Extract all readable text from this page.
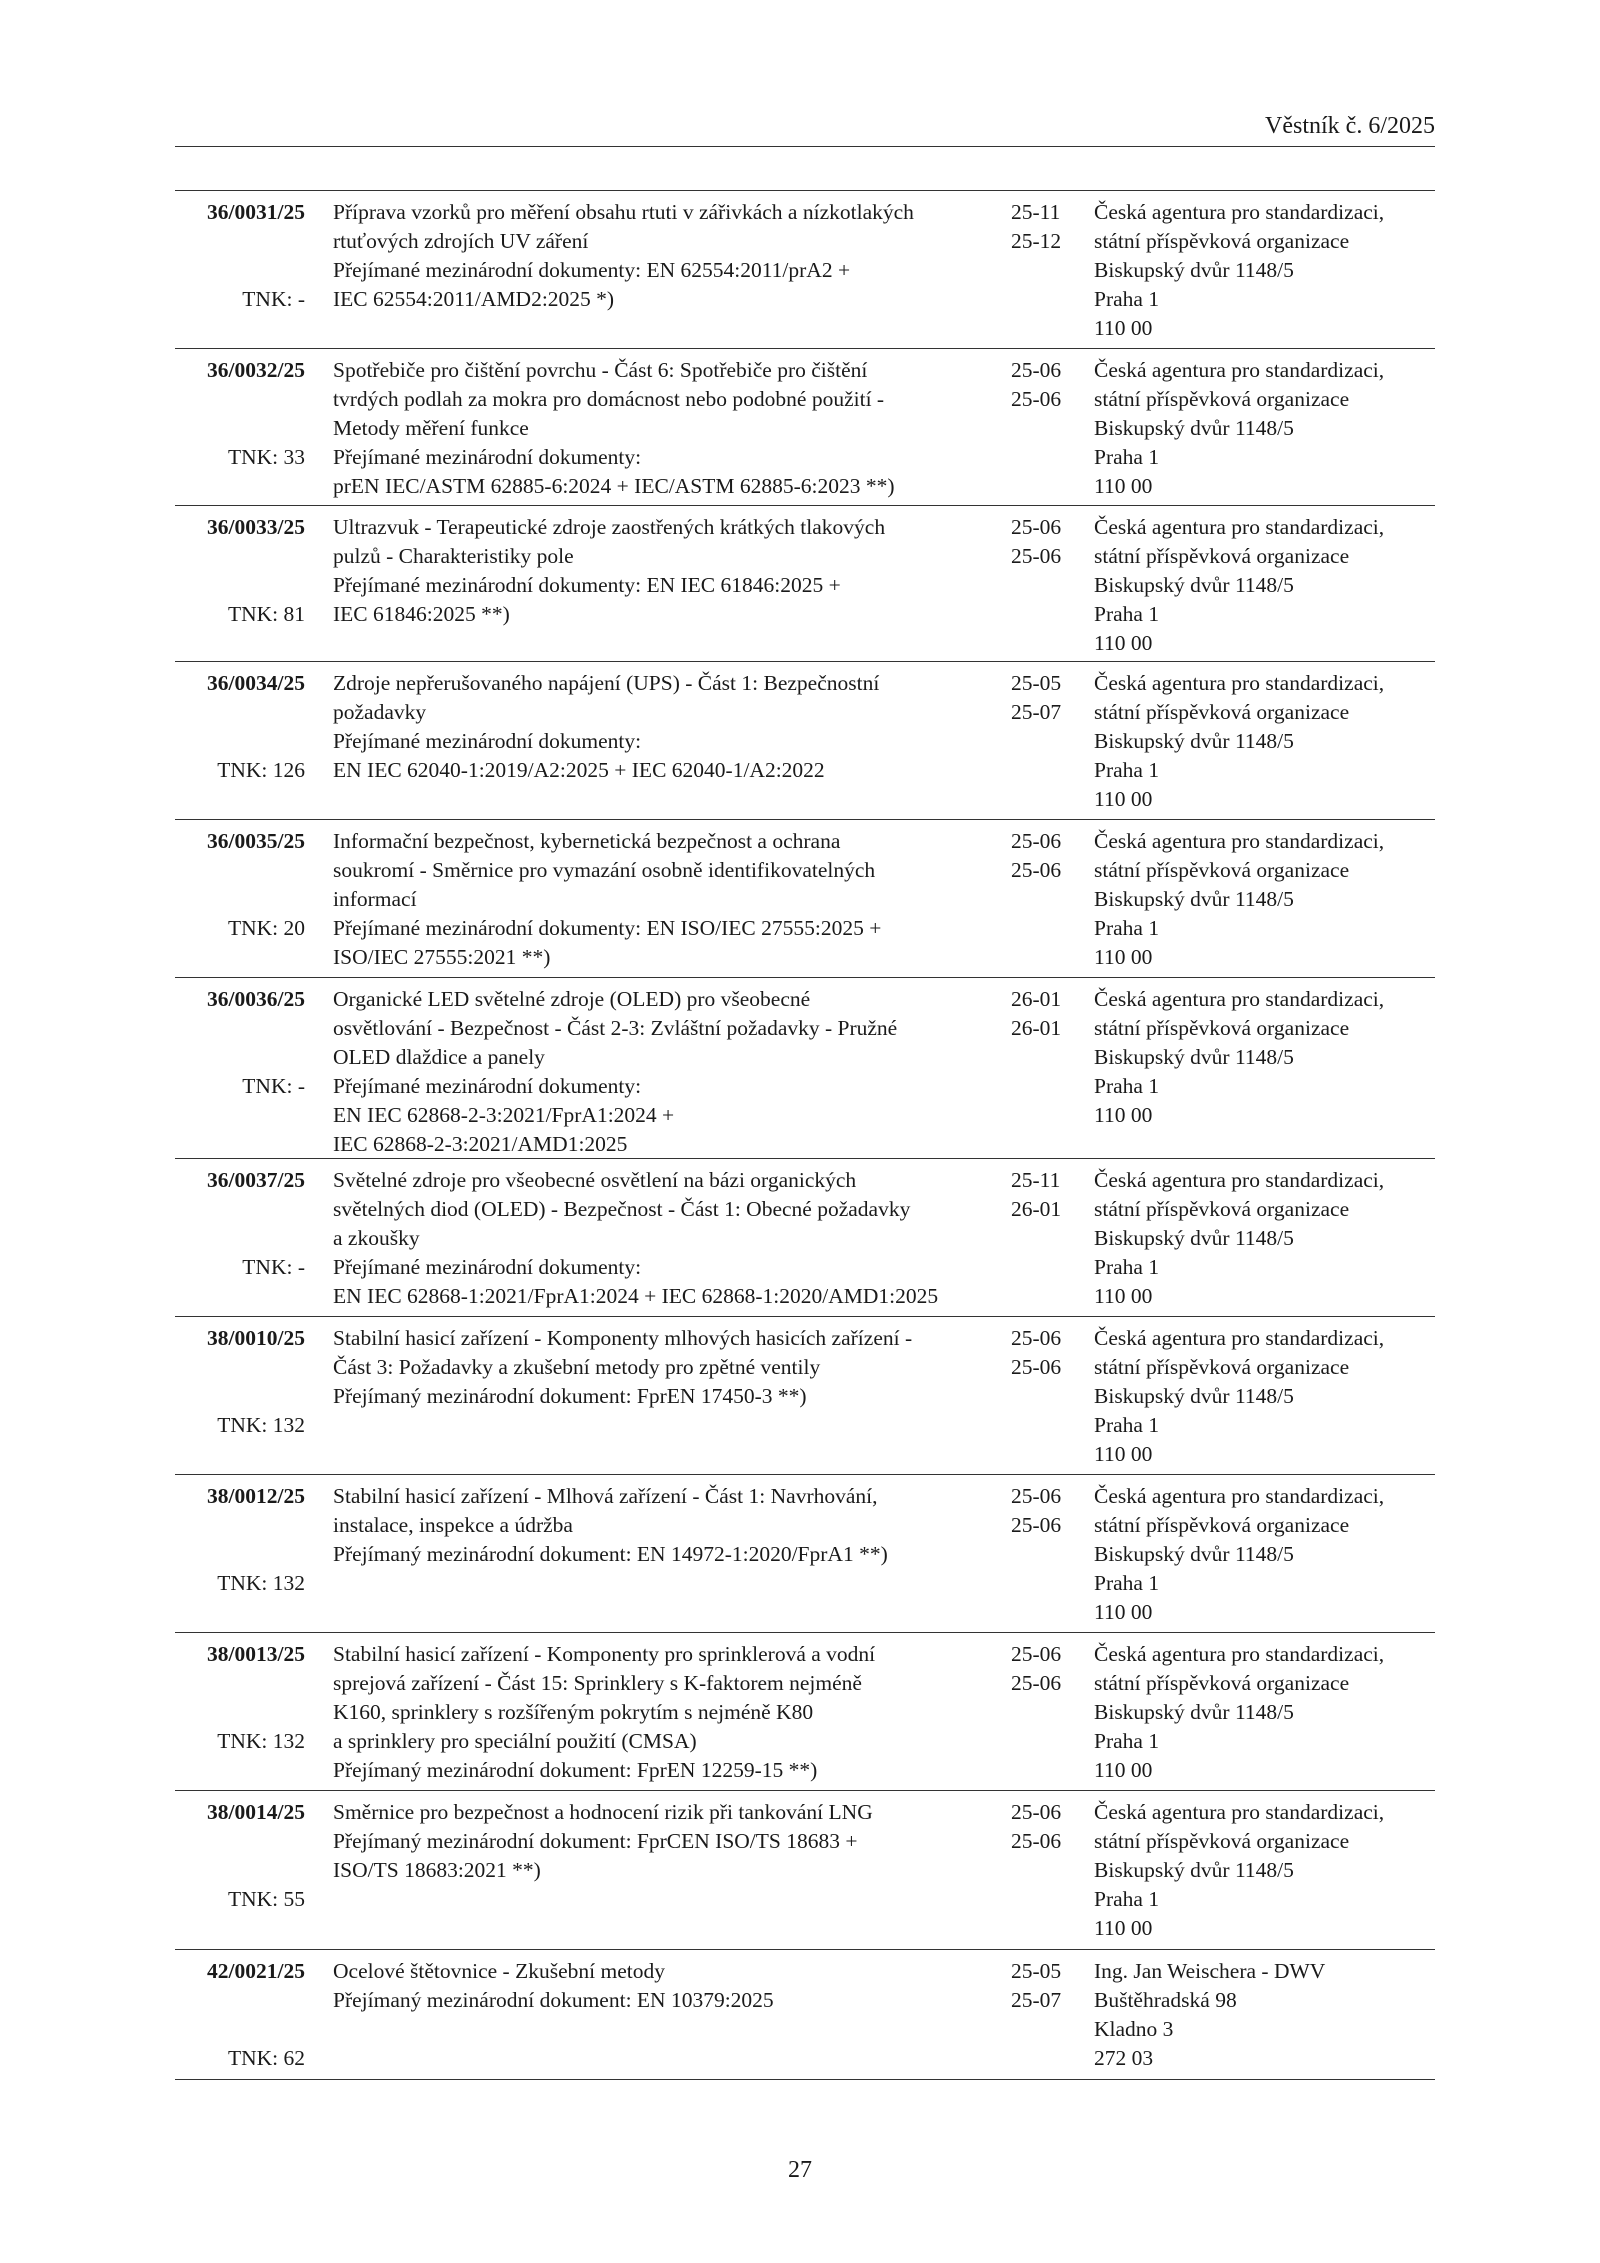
Věstník č. 6/2025
36/0031/25
TNK: -
Příprava vzorků pro měření obsahu rtuti v zářivkách a nízkotlakých
rtuťových zdrojích UV záření
Přejímané mezinárodní dokumenty: EN 62554:2011/prA2 +
IEC 62554:2011/AMD2:2025 *)
25-11
25-12
Česká agentura pro standardizaci,
státní příspěvková organizace
Biskupský dvůr 1148/5
Praha 1
110 00
36/0032/25
TNK: 33
Spotřebiče pro čištění povrchu - Část 6: Spotřebiče pro čištění
tvrdých podlah za mokra pro domácnost nebo podobné použití -
Metody měření funkce
Přejímané mezinárodní dokumenty:
prEN IEC/ASTM 62885-6:2024 + IEC/ASTM 62885-6:2023 **)
25-06
25-06
Česká agentura pro standardizaci,
státní příspěvková organizace
Biskupský dvůr 1148/5
Praha 1
110 00
36/0033/25
TNK: 81
Ultrazvuk - Terapeutické zdroje zaostřených krátkých tlakových
pulzů - Charakteristiky pole
Přejímané mezinárodní dokumenty: EN IEC 61846:2025 +
IEC 61846:2025 **)
25-06
25-06
Česká agentura pro standardizaci,
státní příspěvková organizace
Biskupský dvůr 1148/5
Praha 1
110 00
36/0034/25
TNK: 126
Zdroje nepřerušovaného napájení (UPS) - Část 1: Bezpečnostní
požadavky
Přejímané mezinárodní dokumenty:
EN IEC 62040-1:2019/A2:2025 + IEC 62040-1/A2:2022
25-05
25-07
Česká agentura pro standardizaci,
státní příspěvková organizace
Biskupský dvůr 1148/5
Praha 1
110 00
36/0035/25
TNK: 20
Informační bezpečnost, kybernetická bezpečnost a ochrana
soukromí - Směrnice pro vymazání osobně identifikovatelných
informací
Přejímané mezinárodní dokumenty: EN ISO/IEC 27555:2025 +
ISO/IEC 27555:2021 **)
25-06
25-06
Česká agentura pro standardizaci,
státní příspěvková organizace
Biskupský dvůr 1148/5
Praha 1
110 00
36/0036/25
TNK: -
Organické LED světelné zdroje (OLED) pro všeobecné
osvětlování - Bezpečnost - Část 2-3: Zvláštní požadavky - Pružné
OLED dlaždice a panely
Přejímané mezinárodní dokumenty:
EN IEC 62868-2-3:2021/FprA1:2024 +
IEC 62868-2-3:2021/AMD1:2025
26-01
26-01
Česká agentura pro standardizaci,
státní příspěvková organizace
Biskupský dvůr 1148/5
Praha 1
110 00
36/0037/25
TNK: -
Světelné zdroje pro všeobecné osvětlení na bázi organických
světelných diod (OLED) - Bezpečnost - Část 1: Obecné požadavky
a zkoušky
Přejímané mezinárodní dokumenty:
EN IEC 62868-1:2021/FprA1:2024 + IEC 62868-1:2020/AMD1:2025
25-11
26-01
Česká agentura pro standardizaci,
státní příspěvková organizace
Biskupský dvůr 1148/5
Praha 1
110 00
38/0010/25
TNK: 132
Stabilní hasicí zařízení - Komponenty mlhových hasicích zařízení -
Část 3: Požadavky a zkušební metody pro zpětné ventily
Přejímaný mezinárodní dokument: FprEN 17450-3 **)
25-06
25-06
Česká agentura pro standardizaci,
státní příspěvková organizace
Biskupský dvůr 1148/5
Praha 1
110 00
38/0012/25
TNK: 132
Stabilní hasicí zařízení - Mlhová zařízení - Část 1: Navrhování,
instalace, inspekce a údržba
Přejímaný mezinárodní dokument: EN 14972-1:2020/FprA1 **)
25-06
25-06
Česká agentura pro standardizaci,
státní příspěvková organizace
Biskupský dvůr 1148/5
Praha 1
110 00
38/0013/25
TNK: 132
Stabilní hasicí zařízení - Komponenty pro sprinklerová a vodní
sprejová zařízení - Část 15: Sprinklery s K-faktorem nejméně
K160, sprinklery s rozšířeným pokrytím s nejméně K80
a sprinklery pro speciální použití (CMSA)
Přejímaný mezinárodní dokument: FprEN 12259-15 **)
25-06
25-06
Česká agentura pro standardizaci,
státní příspěvková organizace
Biskupský dvůr 1148/5
Praha 1
110 00
38/0014/25
TNK: 55
Směrnice pro bezpečnost a hodnocení rizik při tankování LNG
Přejímaný mezinárodní dokument: FprCEN ISO/TS 18683 +
ISO/TS 18683:2021 **)
25-06
25-06
Česká agentura pro standardizaci,
státní příspěvková organizace
Biskupský dvůr 1148/5
Praha 1
110 00
42/0021/25
TNK: 62
Ocelové štětovnice - Zkušební metody
Přejímaný mezinárodní dokument: EN 10379:2025
25-05
25-07
Ing. Jan Weischera - DWV
Buštěhradská 98
Kladno 3
272 03
27
